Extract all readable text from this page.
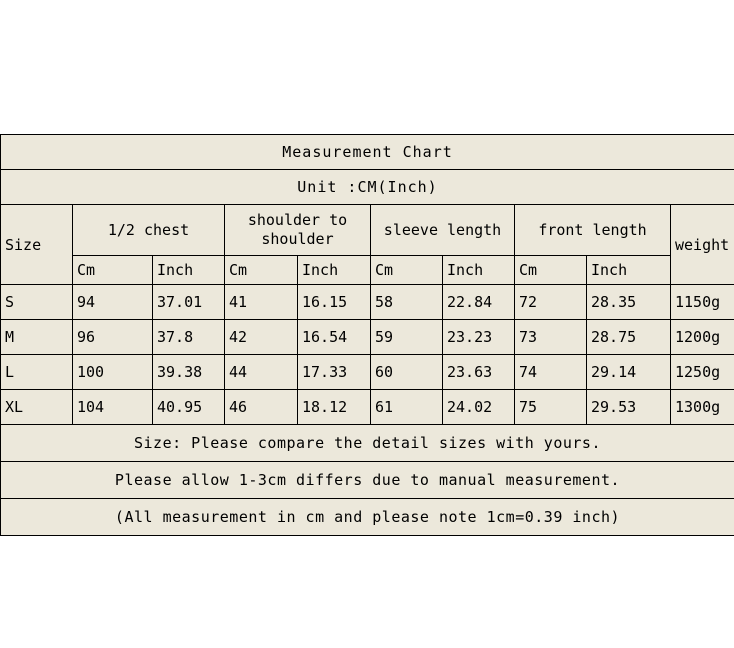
Measurement Chart									
Unit :CM(Inch)									
Size	1/2 chest		shoulder to shoulder		sleeve length		front length		weight
	Cm	Inch	Cm	Inch	Cm	Inch	Cm	Inch	
S	94	37.01	41	16.15	58	22.84	72	28.35	1150g
M	96	37.8	42	16.54	59	23.23	73	28.75	1200g
L	100	39.38	44	17.33	60	23.63	74	29.14	1250g
XL	104	40.95	46	18.12	61	24.02	75	29.53	1300g
Size: Please compare the detail sizes with yours.									
Please allow 1-3cm differs due to manual measurement.									
(All measurement in cm and please note 1cm=0.39 inch)									
